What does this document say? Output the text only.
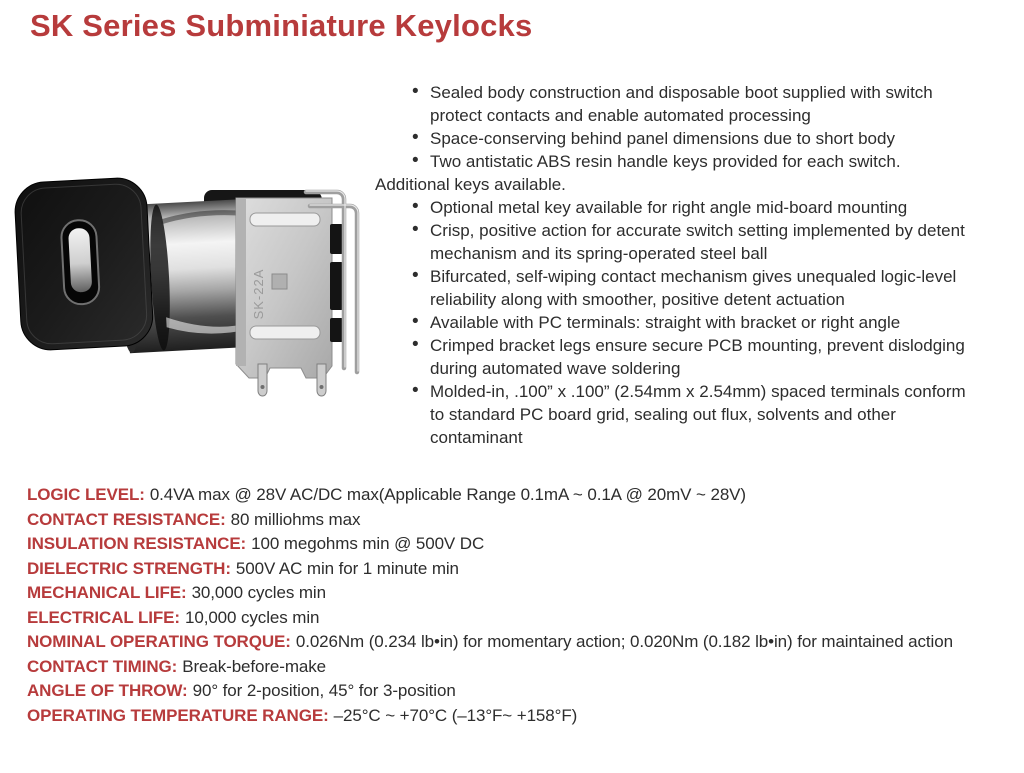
SK Series Subminiature Keylocks
SK-22A
• Sealed body construction and disposable boot supplied with switch protect contacts and enable automated processing
• Space-conserving behind panel dimensions due to short body
• Two antistatic ABS resin handle keys provided for each switch.

Additional keys available.

• Optional metal key available for right angle mid-board mounting
• Crisp, positive action for accurate switch setting implemented by detent mechanism and its spring-operated steel ball
• Bifurcated, self-wiping contact mechanism gives unequaled logic-level reliability along with smoother, positive detent actuation
• Available with PC terminals: straight with bracket or right angle
• Crimped bracket legs ensure secure PCB mounting, prevent dislodging during automated wave soldering
• Molded-in, .100” x .100” (2.54mm x 2.54mm) spaced terminals conform to standard PC board grid, sealing out flux, solvents and other contaminant

LOGIC LEVEL: 0.4VA max @ 28V AC/DC max(Applicable Range 0.1mA ~ 0.1A @ 20mV ~ 28V)

CONTACT RESISTANCE: 80 milliohms max

INSULATION RESISTANCE: 100 megohms min @ 500V DC

DIELECTRIC STRENGTH: 500V AC min for 1 minute min

MECHANICAL LIFE: 30,000 cycles min

ELECTRICAL LIFE: 10,000 cycles min

NOMINAL OPERATING TORQUE: 0.026Nm (0.234 lb•in) for momentary action; 0.020Nm (0.182 lb•in) for maintained action

CONTACT TIMING: Break-before-make

ANGLE OF THROW: 90° for 2-position, 45° for 3-position

OPERATING TEMPERATURE RANGE: –25°C ~ +70°C (–13°F~ +158°F)
